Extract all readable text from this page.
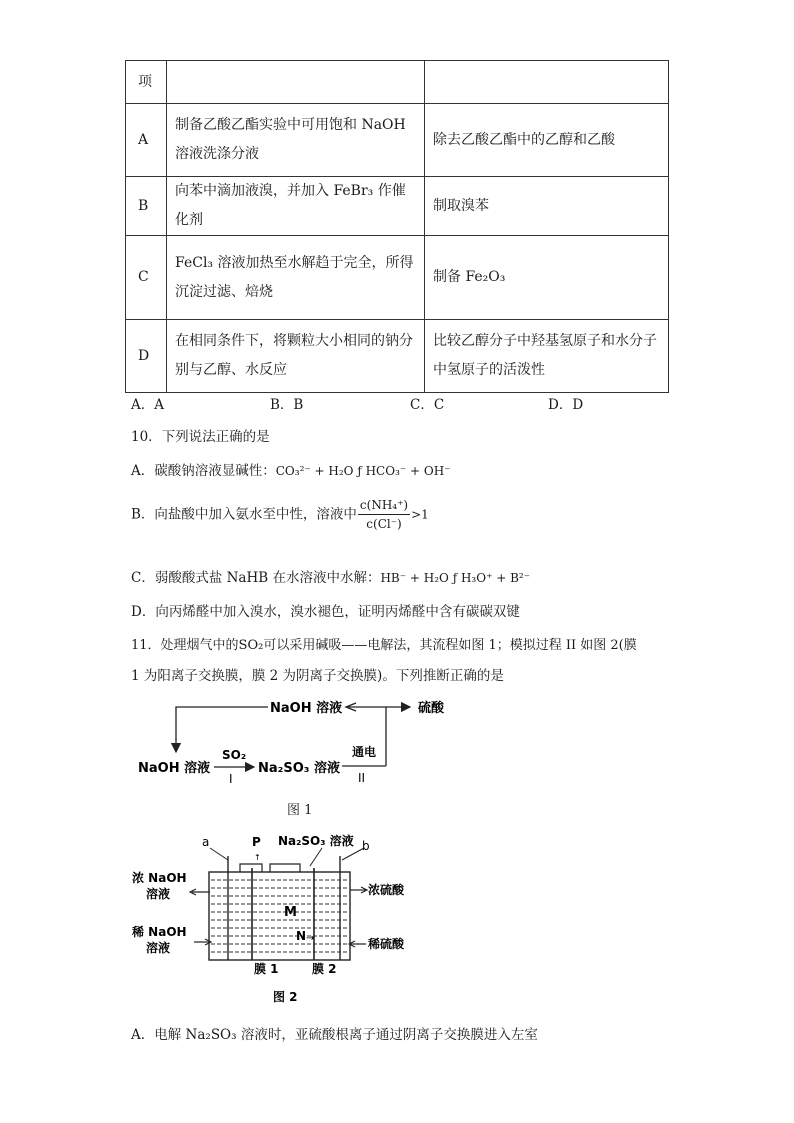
项		
A	制备乙酸乙酯实验中可用饱和 NaOH 溶液洗涤分液	除去乙酸乙酯中的乙醇和乙酸
B	向苯中滴加液溴，并加入 FeBr₃ 作催化剂	制取溴苯
C	FeCl₃ 溶液加热至水解趋于完全，所得沉淀过滤、焙烧	制备 Fe₂O₃
D	在相同条件下，将颗粒大小相同的钠分别与乙醇、水反应	比较乙醇分子中羟基氢原子和水分子中氢原子的活泼性
A．A	B．B	C．C	D．D
10．下列说法正确的是
A．碳酸钠溶液显碱性：CO₃²⁻ + H₂O ƒ HCO₃⁻ + OH⁻
B．向盐酸中加入氨水至中性，溶液中 $\frac{\text{c(NH₄⁺)}}{c(Cl^-)} >1$
C．弱酸酸式盐 NaHB 在水溶液中水解：HB⁻ + H₂O ƒ H₃O⁺ + B²⁻
D．向丙烯醛中加入溴水，溴水褪色，证明丙烯醛中含有碳碳双键
11．处理烟气中的SO₂可以采用碱吸——电解法，其流程如图 1；模拟过程 II 如图 2(膜
1 为阳离子交换膜，膜 2 为阴离子交换膜)。下列推断正确的是
NaOH 溶液	硫酸
NaOH 溶液
SO₂
I
Na₂SO₃ 溶液
通电
II
图 1
a	P
↑
Na₂SO₃ 溶液 b
浓 NaOH
溶液
稀 NaOH
溶液
浓硫酸
稀硫酸
M
N →
膜 1	膜 2
图 2
A．电解 Na₂SO₃ 溶液时，亚硫酸根离子通过阴离子交换膜进入左室
